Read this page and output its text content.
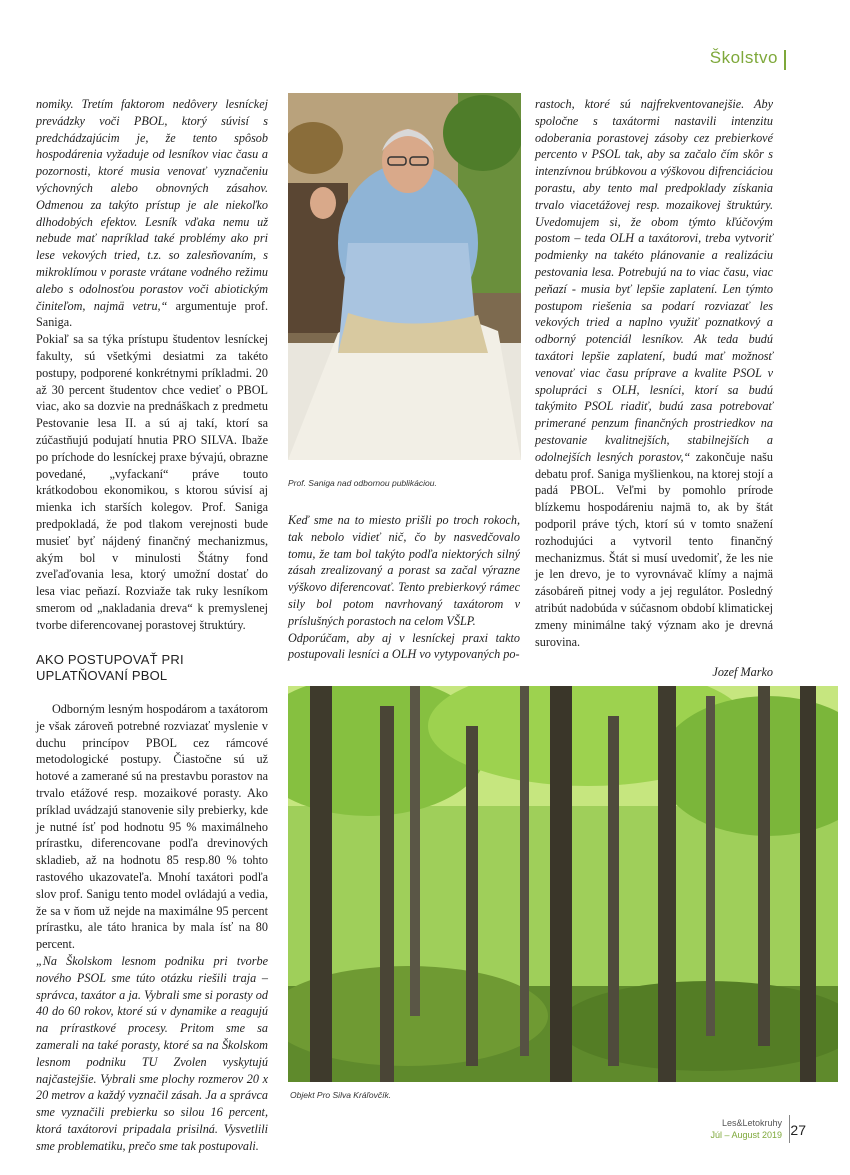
Školstvo

nomiky. Tretím faktorom nedôvery lesníckej prevádzky voči PBOL, ktorý súvisí s predchádzajúcim je, že tento spôsob hospodárenia vyžaduje od lesníkov viac času a pozornosti, ktoré musia venovať vyznačeniu výchovných alebo obnovných zásahov. Odmenou za takýto prístup je ale niekoľko dlhodobých efektov. Lesník vďaka nemu už nebude mať napríklad také problémy ako pri lese vekových tried, t.z. so zalesňovaním, s mikroklímou v poraste vrátane vodného režimu alebo s odolnosťou porastov voči abiotickým činiteľom, najmä vetru,“ argumentuje prof. Saniga.

Pokiaľ sa sa týka prístupu študentov lesníckej fakulty, sú všetkými desiatmi za takéto postupy, podporené konkrétnymi príkladmi. 20 až 30 percent študentov chce vedieť o PBOL viac, ako sa dozvie na prednáškach z predmetu Pestovanie lesa II. a sú aj takí, ktorí sa zúčastňujú podujatí hnutia PRO SILVA. Ibaže po príchode do lesníckej praxe bývajú, obrazne povedané, „vyfackaní“ práve touto krátkodobou ekonomikou, s ktorou súvisí aj mienka ich starších kolegov. Prof. Saniga predpokladá, že pod tlakom verejnosti bude musieť byť nájdený finančný mechanizmus, akým bol v minulosti Štátny fond zveľaďovania lesa, ktorý umožní dostať do lesa viac peňazí. Rozviaže tak ruky lesníkom smerom od „nakladania dreva“ k premyslenej tvorbe diferencovanej porastovej štruktúry.

AKO POSTUPOVAŤ PRI UPLATŇOVANÍ PBOL

Odborným lesným hospodárom a taxátorom je však zároveň potrebné rozviazať myslenie v duchu princípov PBOL cez rámcové metodologické postupy. Čiastočne sú už hotové a zamerané sú na prestavbu porastov na trvalo etážové resp. mozaikové porasty. Ako príklad uvádzajú stanovenie sily prebierky, kde je nutné ísť pod hodnotu 95 % maximálneho prírastku, diferencovane podľa drevinových skladieb, až na hodnotu 85 resp.80 % tohto rastového ukazovateľa. Mnohí taxátori podľa slov prof. Sanigu tento model ovládajú a vedia, že sa v ňom už nejde na maximálne 95 percent prírastku, ale táto hranica by mala ísť na 80 percent.

„Na Školskom lesnom podniku pri tvorbe nového PSOL sme túto otázku riešili traja – správca, taxátor a ja. Vybrali sme si porasty od 40 do 60 rokov, ktoré sú v dynamike a reagujú na prírastkové procesy. Pritom sme sa zamerali na také porasty, ktoré sa na Školskom lesnom podniku TU Zvolen vyskytujú najčastejšie. Vybrali sme plochy rozmerov 20 x 20 metrov a každý vyznačil zásah. Ja a správca sme vyznačili prebierku so silou 16 percent, ktorá taxátorovi pripadala prisilná. Vysvetlili sme problematiku, prečo sme tak postupovali.

Prof. Saniga nad odbornou publikáciou.

Keď sme na to miesto prišli po troch rokoch, tak nebolo vidieť nič, čo by nasvedčovalo tomu, že tam bol takýto podľa niektorých silný zásah zrealizovaný a porast sa začal výrazne výškovo diferencovať. Tento prebierkový rámec sily bol potom navrhovaný taxátorom v príslušných porastoch na celom VŠLP.

Odporúčam, aby aj v lesníckej praxi takto postupovali lesníci a OLH vo vytypovaných po-

rastoch, ktoré sú najfrekventovanejšie. Aby spoločne s taxátormi nastavili intenzitu odoberania porastovej zásoby cez prebierkové percento v PSOL tak, aby sa začalo čím skôr s intenzívnou brúbkovou a výškovou difrenciáciou porastu, aby tento mal predpoklady získania trvalo viacetážovej resp. mozaikovej štruktúry. Uvedomujem si, že obom týmto kľúčovým postom – teda OLH a taxátorovi, treba vytvoriť podmienky na takéto plánovanie a realizáciu pestovania lesa. Potrebujú na to viac času, viac peňazí - musia byť lepšie zaplatení. Len týmto postupom riešenia sa podarí rozviazať les vekových tried a naplno využiť poznatkový a odborný potenciál lesníkov. Ak teda budú taxátori lepšie zaplatení, budú mať možnosť venovať viac času príprave a kvalite PSOL v spolupráci s OLH, lesníci, ktorí sa budú takýmito PSOL riadiť, budú zasa potrebovať primerané penzum finančných prostriedkov na pestovanie kvalitnejších, stabilnejších a odolnejších lesných porastov,“ zakončuje našu debatu prof. Saniga myšlienkou, na ktorej stojí a padá PBOL. Veľmi by pomohlo prírode blízkemu hospodáreniu najmä to, ak by štát podporil práve tých, ktorí sú v tomto snažení rozhodujúci a vytvoril tento finančný mechanizmus. Štát si musí uvedomiť, že les nie je len drevo, je to vyrovnávač klímy a najmä zásobáreň pitnej vody a jej regulátor. Posledný atribút nadobúda v súčasnom období klimatickej zmeny minimálne taký význam ako je drevná surovina.

Jozef Marko

Objekt Pro Silva Kráľovčík.
Les&Letokruhy
Júl – August 2019 27
